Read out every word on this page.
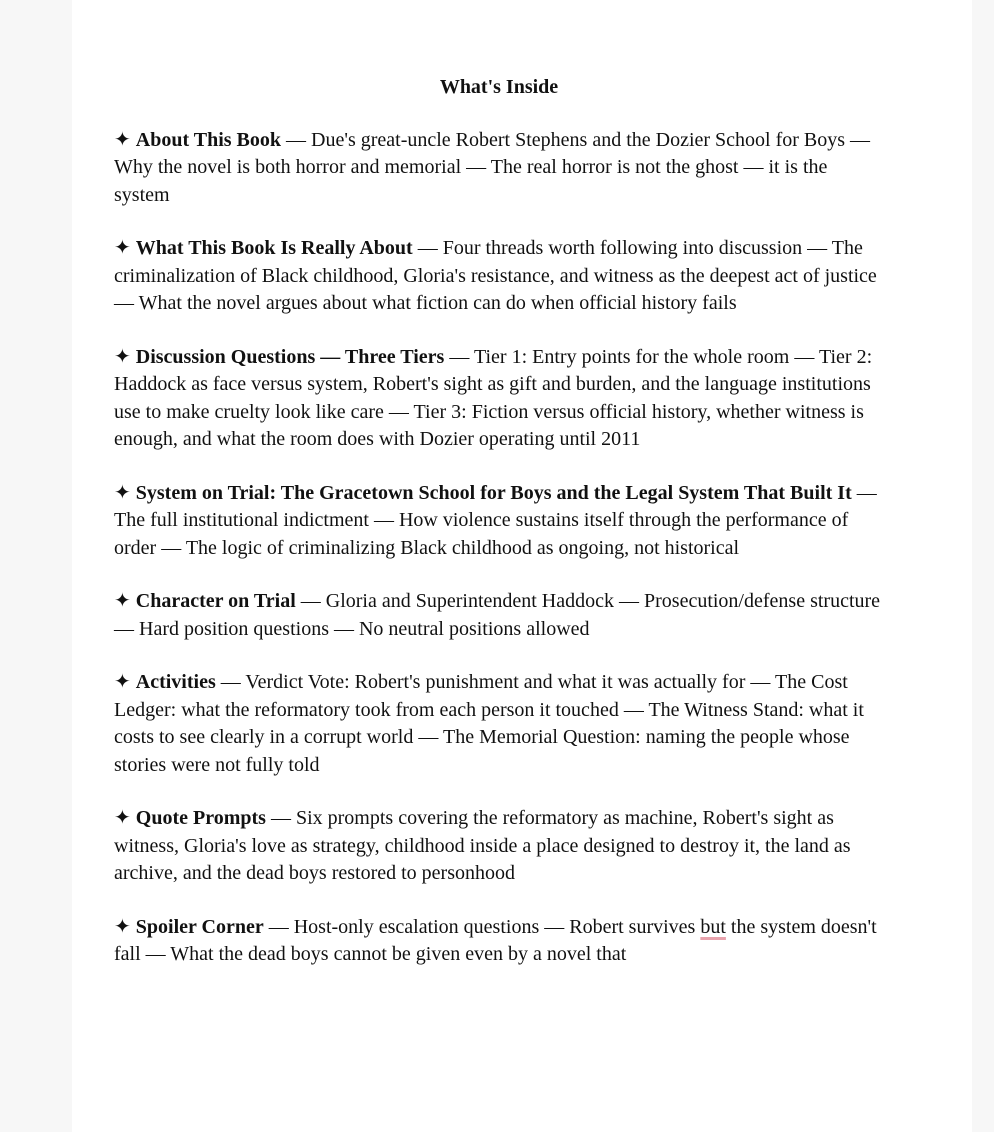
What's Inside
✦ About This Book — Due's great-uncle Robert Stephens and the Dozier School for Boys — Why the novel is both horror and memorial — The real horror is not the ghost — it is the system
✦ What This Book Is Really About — Four threads worth following into discussion — The criminalization of Black childhood, Gloria's resistance, and witness as the deepest act of justice — What the novel argues about what fiction can do when official history fails
✦ Discussion Questions — Three Tiers — Tier 1: Entry points for the whole room — Tier 2: Haddock as face versus system, Robert's sight as gift and burden, and the language institutions use to make cruelty look like care — Tier 3: Fiction versus official history, whether witness is enough, and what the room does with Dozier operating until 2011
✦ System on Trial: The Gracetown School for Boys and the Legal System That Built It — The full institutional indictment — How violence sustains itself through the performance of order — The logic of criminalizing Black childhood as ongoing, not historical
✦ Character on Trial — Gloria and Superintendent Haddock — Prosecution/defense structure — Hard position questions — No neutral positions allowed
✦ Activities — Verdict Vote: Robert's punishment and what it was actually for — The Cost Ledger: what the reformatory took from each person it touched — The Witness Stand: what it costs to see clearly in a corrupt world — The Memorial Question: naming the people whose stories were not fully told
✦ Quote Prompts — Six prompts covering the reformatory as machine, Robert's sight as witness, Gloria's love as strategy, childhood inside a place designed to destroy it, the land as archive, and the dead boys restored to personhood
✦ Spoiler Corner — Host-only escalation questions — Robert survives but the system doesn't fall — What the dead boys cannot be given even by a novel that
